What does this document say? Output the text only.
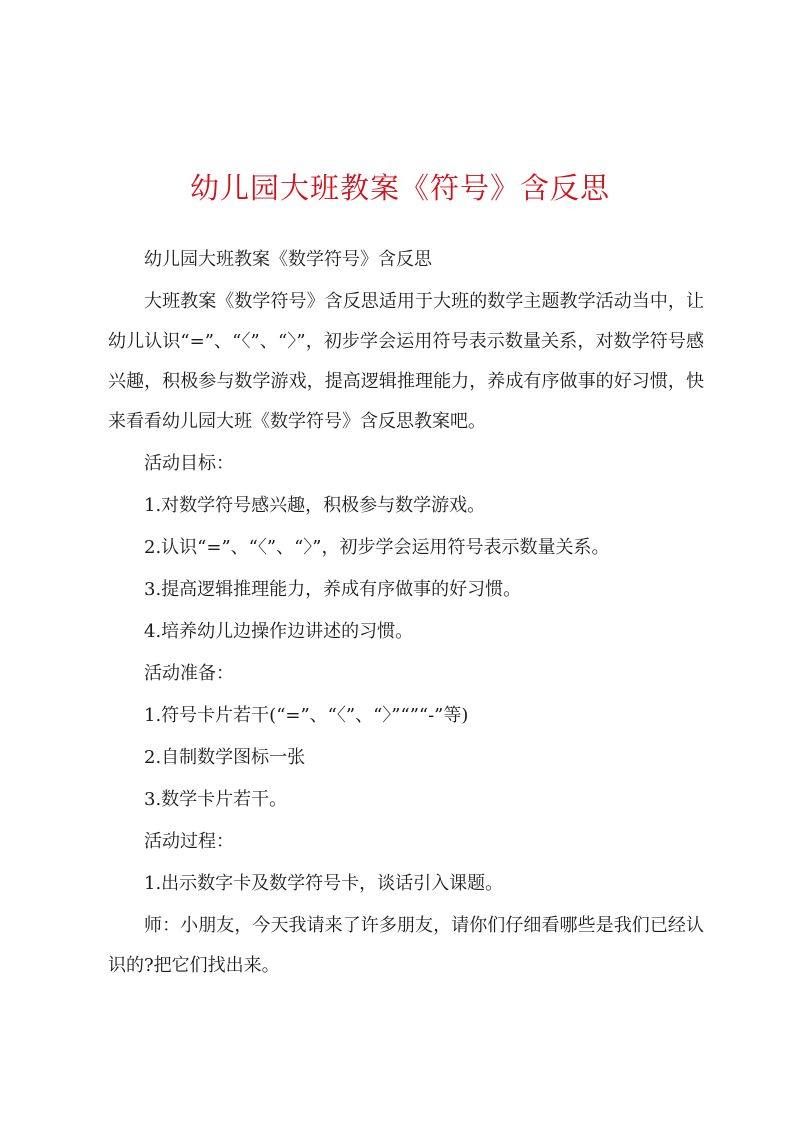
幼儿园大班教案《符号》含反思

幼儿园大班教案《数学符号》含反思

大班教案《数学符号》含反思适用于大班的数学主题教学活动当中，让幼儿认识“=”、“〈”、“〉”，初步学会运用符号表示数量关系，对数学符号感兴趣，积极参与数学游戏，提高逻辑推理能力，养成有序做事的好习惯，快来看看幼儿园大班《数学符号》含反思教案吧。

活动目标：

1.对数学符号感兴趣，积极参与数学游戏。

2.认识“=”、“〈”、“〉”，初步学会运用符号表示数量关系。

3.提高逻辑推理能力，养成有序做事的好习惯。

4.培养幼儿边操作边讲述的习惯。

活动准备：

1.符号卡片若干(“=”、“〈”、“〉”“”“-”等)

2.自制数学图标一张

3.数学卡片若干。

活动过程：

1.出示数字卡及数学符号卡，谈话引入课题。

师：小朋友，今天我请来了许多朋友，请你们仔细看哪些是我们已经认识的?把它们找出来。
